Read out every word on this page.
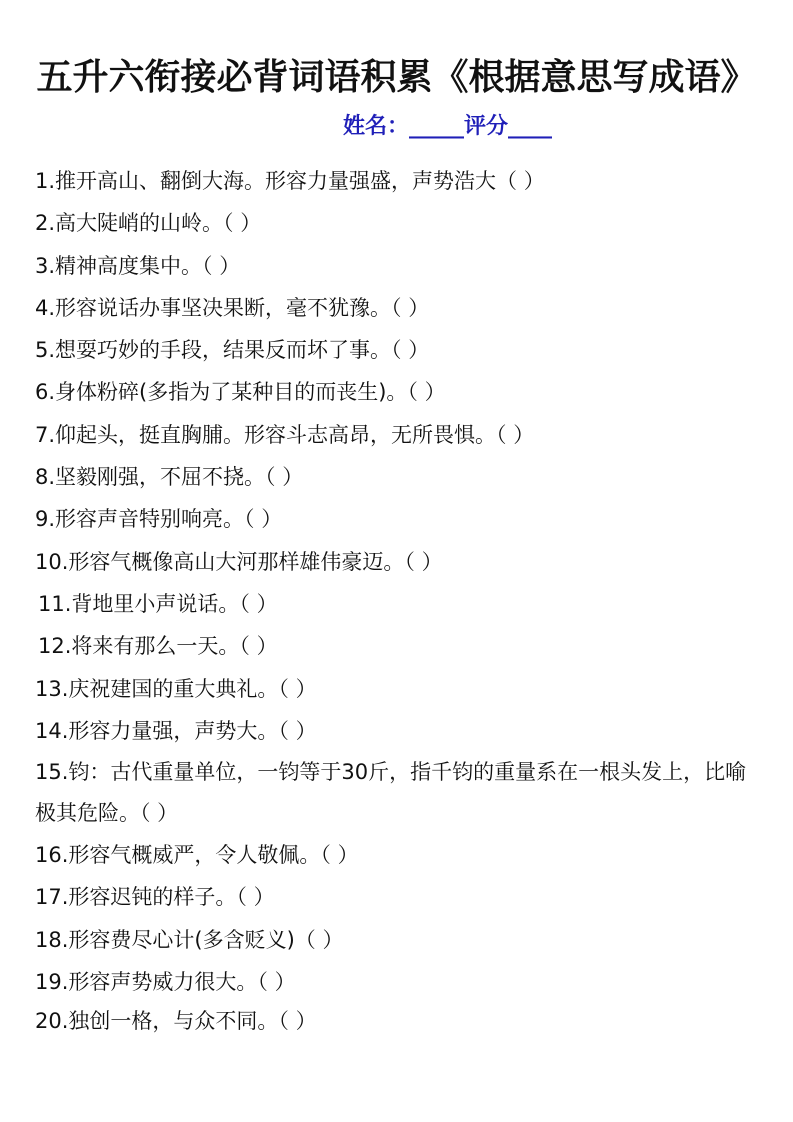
五升六衔接必背词语积累《根据意思写成语》
姓名：_____评分____
1.推开高山、翻倒大海。形容力量强盛，声势浩大（ ）
2.高大陡峭的山岭。（ ）
3.精神高度集中。（ ）
4.形容说话办事坚决果断，毫不犹豫。（ ）
5.想耍巧妙的手段，结果反而坏了事。（ ）
6.身体粉碎(多指为了某种目的而丧生)。（ ）
7.仰起头，挺直胸脯。形容斗志高昂，无所畏惧。（ ）
8.坚毅刚强，不屈不挠。（ ）
9.形容声音特别响亮。（ ）
10.形容气概像高山大河那样雄伟豪迈。（ ）
11.背地里小声说话。（ ）
12.将来有那么一天。（ ）
13.庆祝建国的重大典礼。（ ）
14.形容力量强，声势大。（ ）
15.钧：古代重量单位，一钧等于30斤，指千钧的重量系在一根头发上，比喻极其危险。（ ）
16.形容气概威严，令人敬佩。（ ）
17.形容迟钝的样子。（ ）
18.形容费尽心计(多含贬义)（ ）
19.形容声势威力很大。（ ）
20.独创一格，与众不同。（ ）
